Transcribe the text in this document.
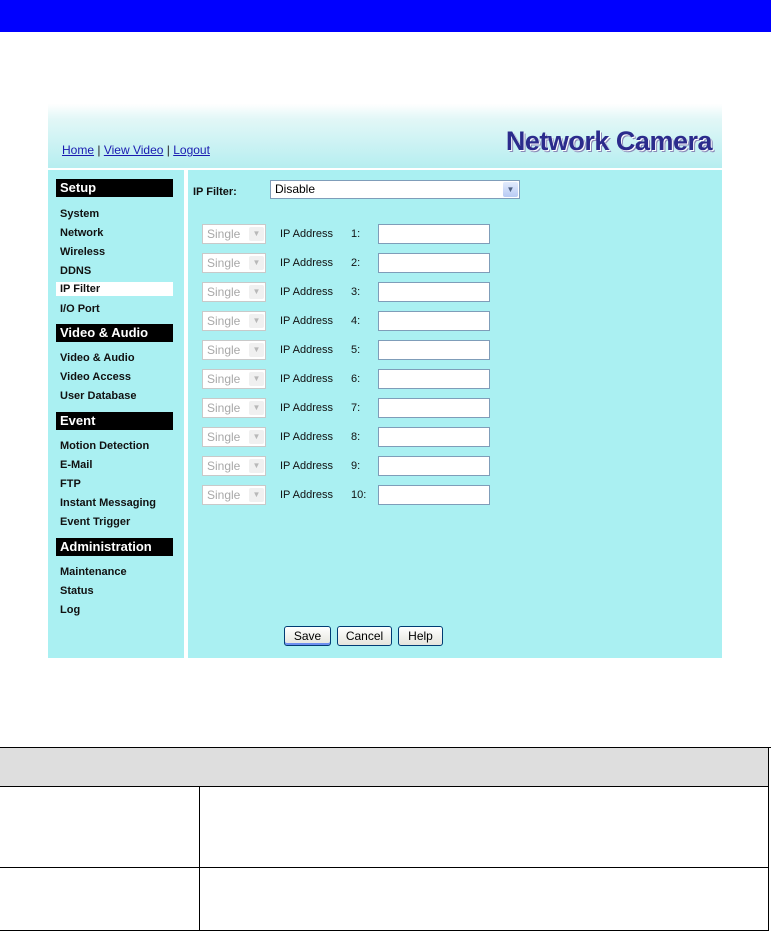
Home | View Video | Logout	Network Camera
Setup
System
Network
Wireless
DDNS
IP Filter
I/O Port
Video & Audio
Video & Audio
Video Access
User Database
Event
Motion Detection
E-Mail
FTP
Instant Messaging
Event Trigger
Administration
Maintenance
Status
Log
IP Filter:	Disable	▼
Single	▼	IP Address 1:
Single	▼	IP Address 2:
Single	▼	IP Address 3:
Single	▼	IP Address 4:
Single	▼	IP Address 5:
Single	▼	IP Address 6:
Single	▼	IP Address 7:
Single	▼	IP Address 8:
Single	▼	IP Address 9:
Single	▼	IP Address 10:
Save	Cancel	Help
